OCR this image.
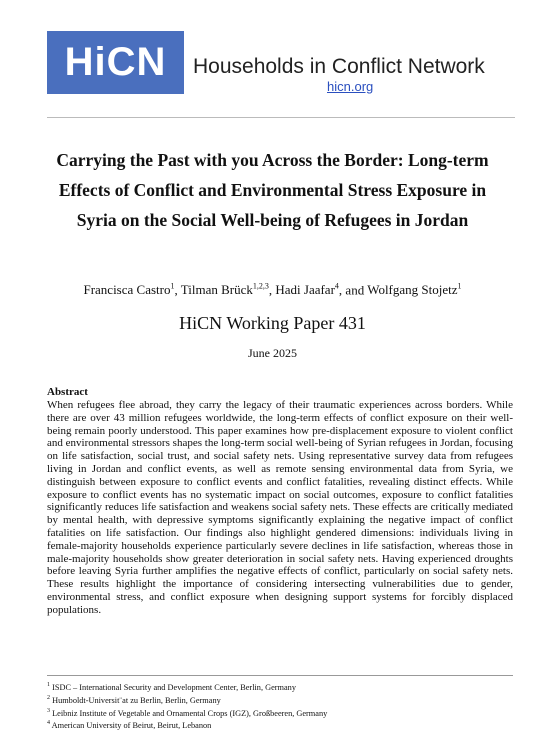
HiCN Households in Conflict Network
hicn.org
Carrying the Past with you Across the Border: Long-term Effects of Conflict and Environmental Stress Exposure in Syria on the Social Well-being of Refugees in Jordan
Francisca Castro$^1$, Tilman Brück$^{1,2,3}$, Hadi Jaafar$^4$, and Wolfgang Stojetz$^1$
HiCN Working Paper 431
June 2025
Abstract
When refugees flee abroad, they carry the legacy of their traumatic experiences across borders. While there are over 43 million refugees worldwide, the long-term effects of conflict exposure on their well-being remain poorly understood. This paper examines how pre-displacement exposure to violent conflict and environmental stressors shapes the long-term social well-being of Syrian refugees in Jordan, focusing on life satisfaction, social trust, and social safety nets. Using representative survey data from refugees living in Jordan and conflict events, as well as remote sensing environmental data from Syria, we distinguish between exposure to conflict events and conflict fatalities, revealing distinct effects. While exposure to conflict events has no systematic impact on social outcomes, exposure to conflict fatalities significantly reduces life satisfaction and weakens social safety nets. These effects are critically mediated by mental health, with depressive symptoms significantly explaining the negative impact of conflict fatalities on life satisfaction. Our findings also highlight gendered dimensions: individuals living in female-majority households experience particularly severe declines in life satisfaction, whereas those in male-majority households show greater deterioration in social safety nets. Having experienced droughts before leaving Syria further amplifies the negative effects of conflict, particularly on social safety nets. These results highlight the importance of considering intersecting vulnerabilities due to gender, environmental stress, and conflict exposure when designing support systems for forcibly displaced populations.
$^1$ ISDC – International Security and Development Center, Berlin, Germany
$^2$ Humboldt-Universit¨at zu Berlin, Berlin, Germany
$^3$ Leibniz Institute of Vegetable and Ornamental Crops (IGZ), Großbeeren, Germany
$^4$ American University of Beirut, Beirut, Lebanon
